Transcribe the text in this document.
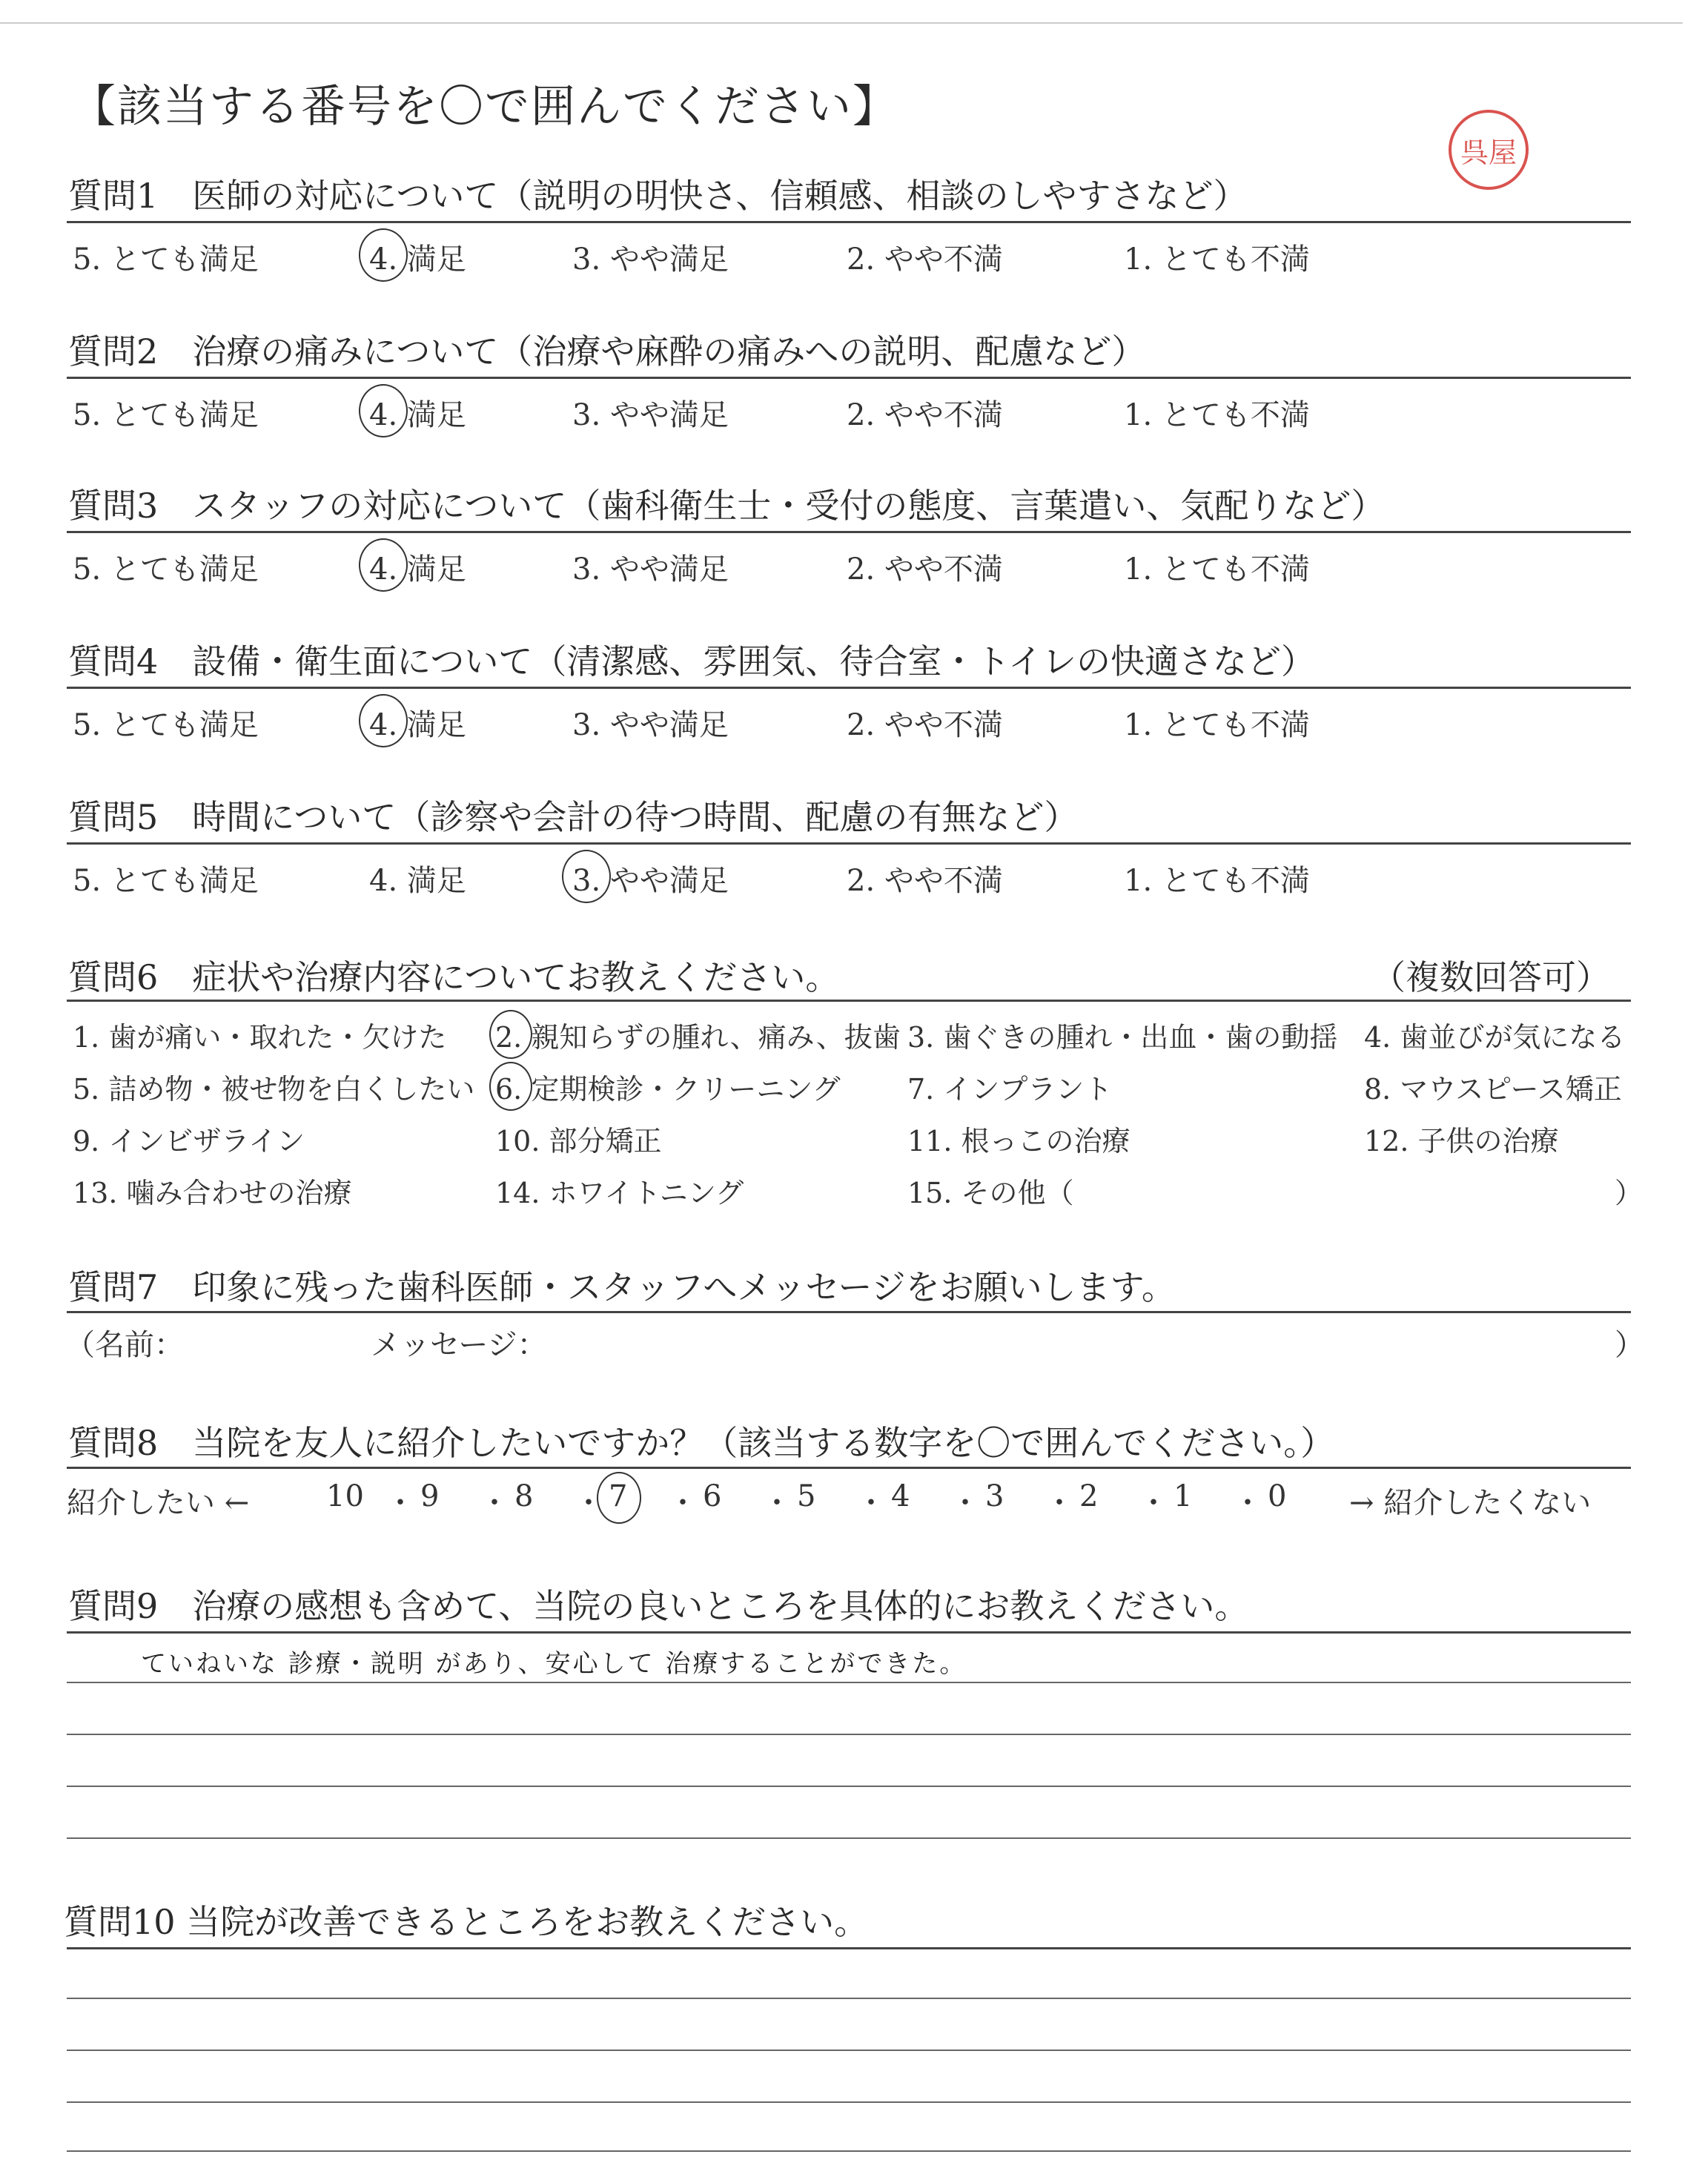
【該当する番号を〇で囲んでください】
呉屋
質問1　医師の対応について（説明の明快さ、信頼感、相談のしやすさなど）
5. とても満足	4. 満足	3. やや満足	2. やや不満	1. とても不満
質問2　治療の痛みについて（治療や麻酔の痛みへの説明、配慮など）
5. とても満足	4. 満足	3. やや満足	2. やや不満	1. とても不満
質問3　スタッフの対応について（歯科衛生士・受付の態度、言葉遣い、気配りなど）
5. とても満足	4. 満足	3. やや満足	2. やや不満	1. とても不満
質問4　設備・衛生面について（清潔感、雰囲気、待合室・トイレの快適さなど）
5. とても満足	4. 満足	3. やや満足	2. やや不満	1. とても不満
質問5　時間について（診察や会計の待つ時間、配慮の有無など）
5. とても満足	4. 満足	3. やや満足	2. やや不満	1. とても不満
質問6　症状や治療内容についてお教えください。	（複数回答可）
1. 歯が痛い・取れた・欠けた 2. 親知らずの腫れ、痛み、抜歯 3. 歯ぐきの腫れ・出血・歯の動揺 4. 歯並びが気になる
5. 詰め物・被せ物を白くしたい 6. 定期検診・クリーニング 7. インプラント	8. マウスピース矯正
9. インビザライン	10. 部分矯正	11. 根っこの治療	12. 子供の治療
13. 噛み合わせの治療	14. ホワイトニング	15. その他（	）
質問7　印象に残った歯科医師・スタッフへメッセージをお願いします。
（名前：	メッセージ：	）
質問8　当院を友人に紹介したいですか？（該当する数字を〇で囲んでください。）
紹介したい ←	→ 紹介したくない
10 ・ 9 ・ 8 ・ 7 ・ 6 ・ 5 ・ 4 ・ 3 ・ 2 ・ 1 ・ 0
質問9　治療の感想も含めて、当院の良いところを具体的にお教えください。
ていねいな 診療・説明 があり、安心して 治療することができた。
質問10 当院が改善できるところをお教えください。
